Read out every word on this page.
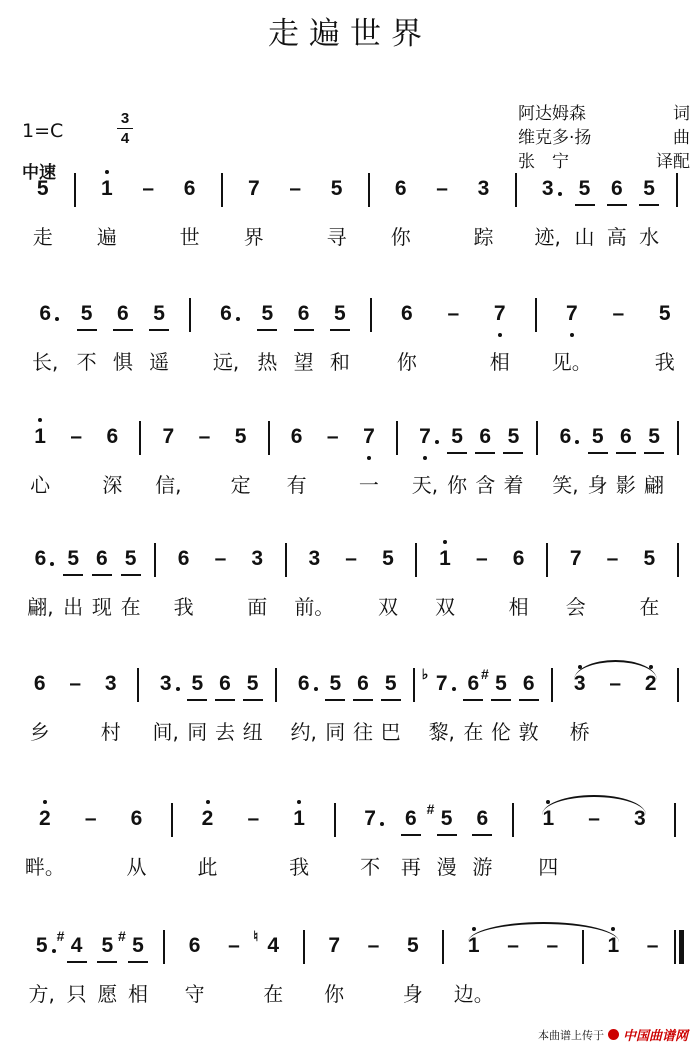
走遍世界
1=C
3
4
中速
阿达姆森	词
维克多·扬	曲
张　宁	译配
5 1 – 6 7 – 5 6 – 3 3 5 6 5
走 遍	世 界	寻 你	踪	迹, 山 高 水
6 5 6 5	6 5 6 5	6 – 7	7 – 5
长, 不 惧 遥	远, 热 望 和 你	相 见。	我
1 – 6 7 – 5 6 – 7 7 5 6 5 6 5 6 5
心	深	信,	定 有	一	天, 你 含 着	笑, 身 影 翩
6 5 6 5 6 – 3 3 – 5 1 – 6 7 – 5
翩, 出 现 在 我	面 前。 双 双	相 会	在
6 – 3 3 5 6 5 6 5 6 5 7
♭ 6 5
# 6 3 – 2
乡	村	间, 同 去 纽	约, 同 往 巴	黎, 在 伦 敦 桥
2 – 6	2 – 1	7 6 5
# 6	1 – 3
畔。	从	此	我	不 再 漫 游 四
5 4
# 5 5
#	6 – 4
♮	7 – 5 1 – – 1 –
方, 只 愿 相 守	在 你	身 边。
本曲谱上传于 中国曲谱网
